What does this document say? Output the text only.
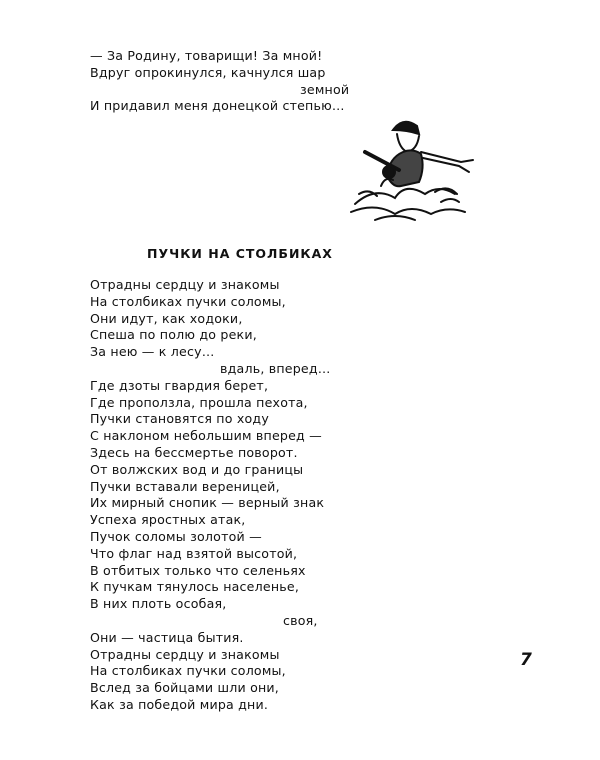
— За Родину, товарищи! За мной!
Вдруг опрокинулся, качнулся шар
земной
И придавил меня донецкой степью…
ПУЧКИ НА СТОЛБИКАХ
Отрадны сердцу и знакомы
На столбиках пучки соломы,
Они идут, как ходоки,
Спеша по полю до реки,
За нею — к лесу…
вдаль, вперед…
Где дзоты гвардия берет,
Где проползла, прошла пехота,
Пучки становятся по ходу
С наклоном небольшим вперед —
Здесь на бессмертье поворот.
От волжских вод и до границы
Пучки вставали вереницей,
Их мирный снопик — верный знак
Успеха яростных атак,
Пучок соломы золотой —
Что флаг над взятой высотой,
В отбитых только что селеньях
К пучкам тянулось населенье,
В них плоть особая,
своя,
Они — частица бытия.
Отрадны сердцу и знакомы
На столбиках пучки соломы,
Вслед за бойцами шли они,
Как за победой мира дни.
7
